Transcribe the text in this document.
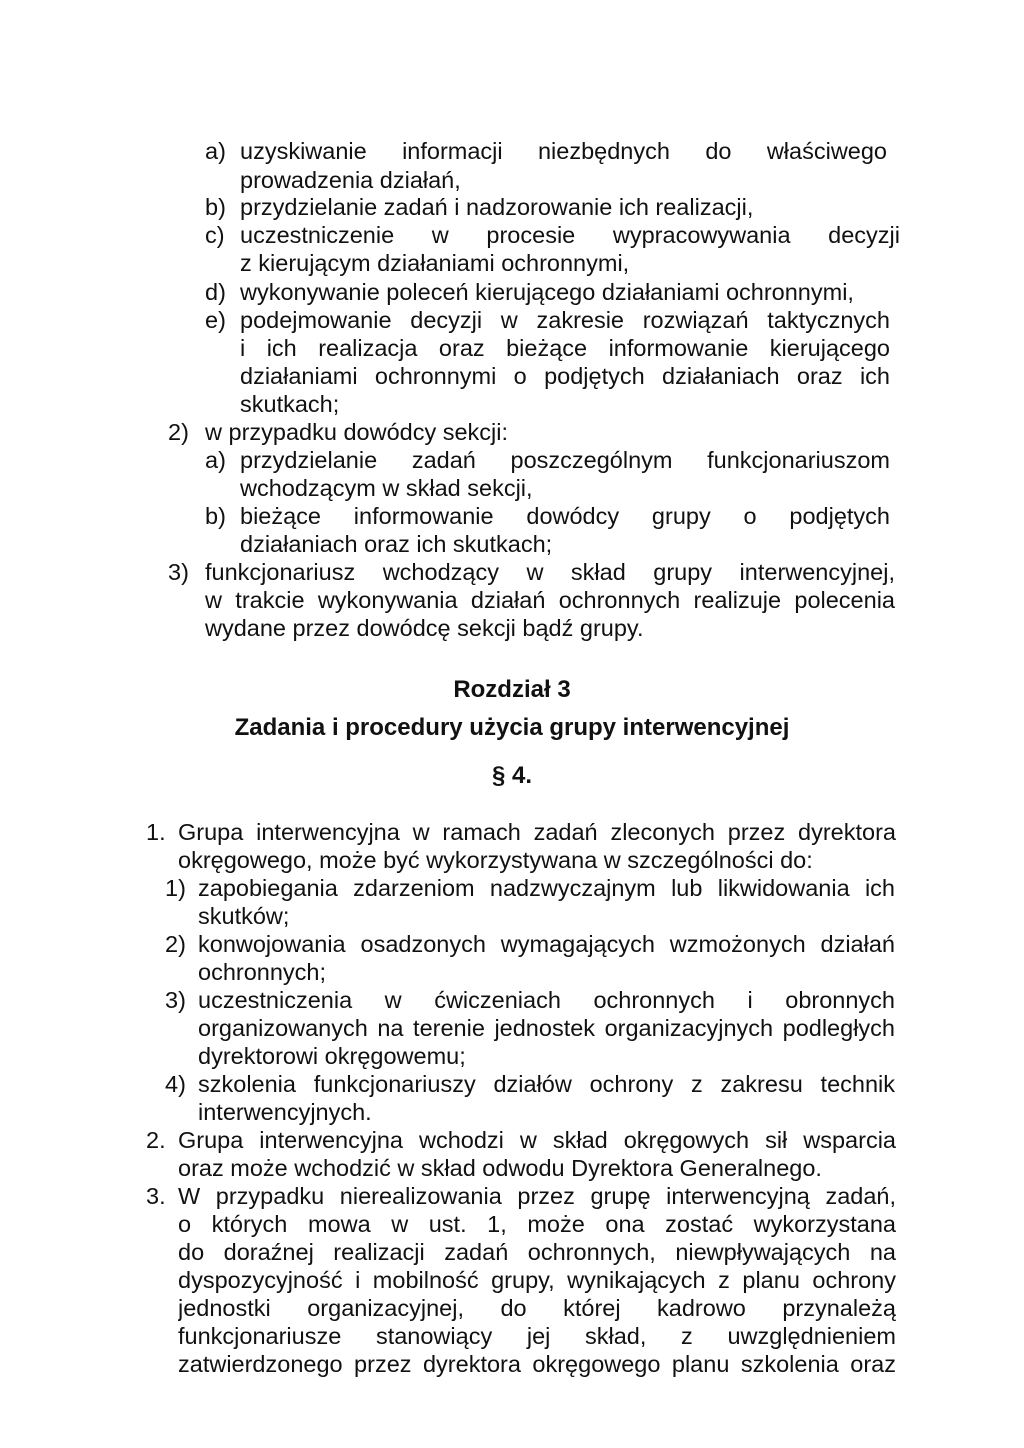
a) uzyskiwanie informacji niezbędnych do właściwego
prowadzenia działań,
b) przydzielanie zadań i nadzorowanie ich realizacji,
c) uczestniczenie w procesie wypracowywania decyzji
z kierującym działaniami ochronnymi,
d) wykonywanie poleceń kierującego działaniami ochronnymi,
e) podejmowanie decyzji w zakresie rozwiązań taktycznych
i ich realizacja oraz bieżące informowanie kierującego
działaniami ochronnymi o podjętych działaniach oraz ich
skutkach;
2) w przypadku dowódcy sekcji:
a) przydzielanie zadań poszczególnym funkcjonariuszom
wchodzącym w skład sekcji,
b) bieżące informowanie dowódcy grupy o podjętych
działaniach oraz ich skutkach;
3) funkcjonariusz wchodzący w skład grupy interwencyjnej,
w trakcie wykonywania działań ochronnych realizuje polecenia
wydane przez dowódcę sekcji bądź grupy.
Rozdział 3
Zadania i procedury użycia grupy interwencyjnej
§ 4.
1. Grupa interwencyjna w ramach zadań zleconych przez dyrektora
okręgowego, może być wykorzystywana w szczególności do:
1) zapobiegania zdarzeniom nadzwyczajnym lub likwidowania ich
skutków;
2) konwojowania osadzonych wymagających wzmożonych działań
ochronnych;
3) uczestniczenia w ćwiczeniach ochronnych i obronnych
organizowanych na terenie jednostek organizacyjnych podległych
dyrektorowi okręgowemu;
4) szkolenia funkcjonariuszy działów ochrony z zakresu technik
interwencyjnych.
2. Grupa interwencyjna wchodzi w skład okręgowych sił wsparcia
oraz może wchodzić w skład odwodu Dyrektora Generalnego.
3. W przypadku nierealizowania przez grupę interwencyjną zadań,
o których mowa w ust. 1, może ona zostać wykorzystana
do doraźnej realizacji zadań ochronnych, niewpływających na
dyspozycyjność i mobilność grupy, wynikających z planu ochrony
jednostki organizacyjnej, do której kadrowo przynależą
funkcjonariusze stanowiący jej skład, z uwzględnieniem
zatwierdzonego przez dyrektora okręgowego planu szkolenia oraz
